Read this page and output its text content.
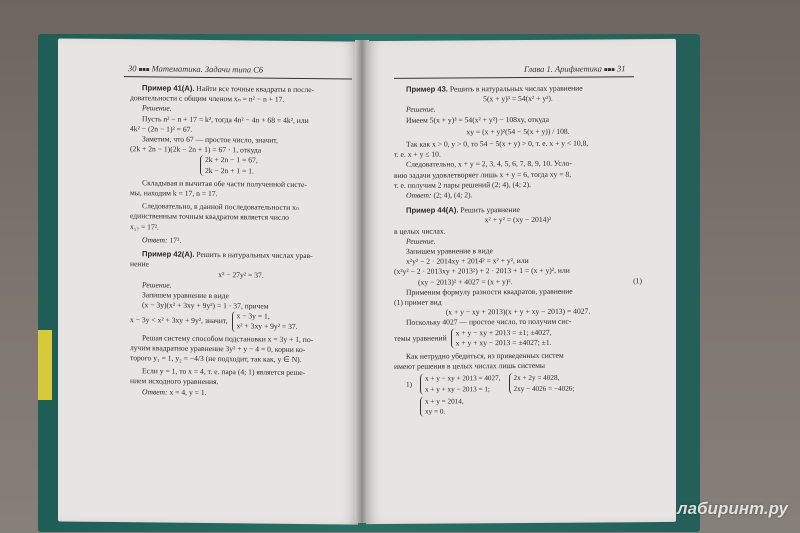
30 ■■■ Математика. Задачи типа С6

Пример 41(А). Найти все точные квадраты в после-

довательности с общим членом xₙ = n² − n + 17.

Решение.

Пусть n² − n + 17 = k², тогда 4n² − 4n + 68 = 4k², или

4k² − (2n − 1)² = 67.

Заметим, что 67 — простое число, значит,

(2k + 2n − 1)(2k − 2n + 1) = 67 · 1, откуда

2k + 2n − 1 = 67,
2k − 2n + 1 = 1.

Складывая и вычитая обе части полученной систе-

мы, находим k = 17, n = 17.

Следовательно, в данной последовательности xₙ

единственным точным квадратом является число

x₁₇ = 17².

Ответ: 17².

Пример 42(А). Решить в натуральных числах урав-

нение

x² − 27y² = 37.

Решение.

Запишем уравнение в виде

(x − 3y)(x² + 3xy + 9y²) = 1 · 37, причем

x − 3y < x² + 3xy + 9y², значит, x − 3y = 1,
x² + 3xy + 9y² = 37.

Решая систему способом подстановки x = 3y + 1, по-

лучим квадратное уравнение 3y² + y − 4 = 0, корни ко-

торого y₁ = 1, y₂ = −4/3 (не подходит, так как, y ∈ N).

Если y = 1, то x = 4, т. е. пара (4; 1) является реше-

нием исходного уравнения.

Ответ: x = 4, y = 1.

Глава 1. Арифметика ■■■ 31

Пример 43. Решить в натуральных числах уравнение

5(x + y)³ = 54(x² + y²).

Решение.

Имеем 5(x + y)³ = 54(x² + y²) − 108xy, откуда

xy = (x + y)²(54 − 5(x + y)) / 108.

Так как x > 0, y > 0, то 54 − 5(x + y) > 0, т. е. x + y < 10,8,

т. е. x + y ≤ 10.

Следовательно, x + y = 2, 3, 4, 5, 6, 7, 8, 9, 10. Усло-

вию задачи удовлетворяет лишь x + y = 6, тогда xy = 8,

т. е. получим 2 пары решений (2; 4), (4; 2).

Ответ: (2; 4), (4; 2).

Пример 44(А). Решить уравнение

x² + y² = (xy − 2014)²

в целых числах.

Решение.

Запишем уравнение в виде

x²y² − 2 · 2014xy + 2014² = x² + y², или

(x²y² − 2 · 2013xy + 2013²) + 2 · 2013 + 1 = (x + y)², или

(xy − 2013)² + 4027 = (x + y)².	(1)

Применим формулу разности квадратов, уравнение

(1) примет вид

(x + y − xy + 2013)(x + y + xy − 2013) = 4027.

Поскольку 4027 — простое число, то получим сис-

темы уравнений
x + y − xy + 2013 = ±1; ±4027,
x + y + xy − 2013 = ±4027; ±1.

Как нетрудно убедиться, из приведенных систем

имеют решения в целых числах лишь системы

1)
x + y − xy + 2013 = 4027,
x + y + xy − 2013 = 1;
2x + 2y = 4028,
2xy − 4026 = −4026;
x + y = 2014,
xy = 0.
лабиринт.ру
